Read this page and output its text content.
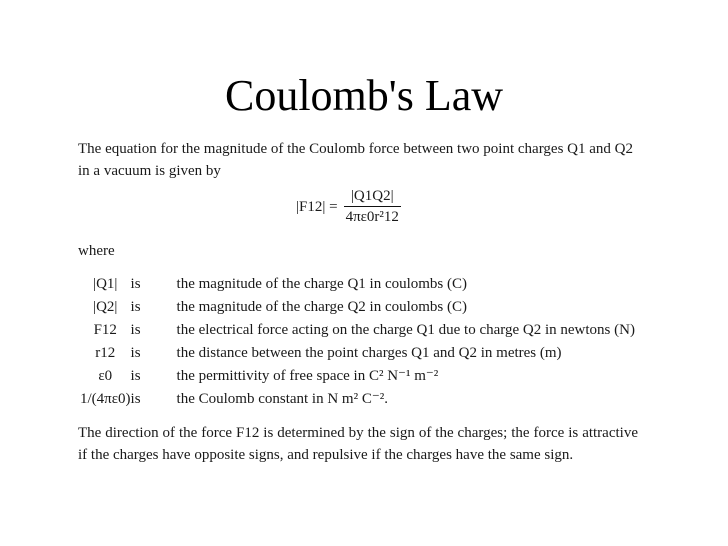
Coulomb's Law

The equation for the magnitude of the Coulomb force between two point charges Q1 and Q2 in a vacuum is given by

$|F12| = \frac{|Q1Q2|}{\text{4πε0r²12}}$
where
|Q1|	is	the magnitude of the charge Q1 in coulombs (C)
|Q2|	is	the magnitude of the charge Q2 in coulombs (C)
F12	is	the electrical force acting on the charge Q1 due to charge Q2 in newtons (N)
r12	is	the distance between the point charges Q1 and Q2 in metres (m)
ε0	is	the permittivity of free space in C² N⁻¹ m⁻²
1/(4πε0)	is	the Coulomb constant in N m² C⁻².

The direction of the force F12 is determined by the sign of the charges; the force is attractive if the charges have opposite signs, and repulsive if the charges have the same sign.
